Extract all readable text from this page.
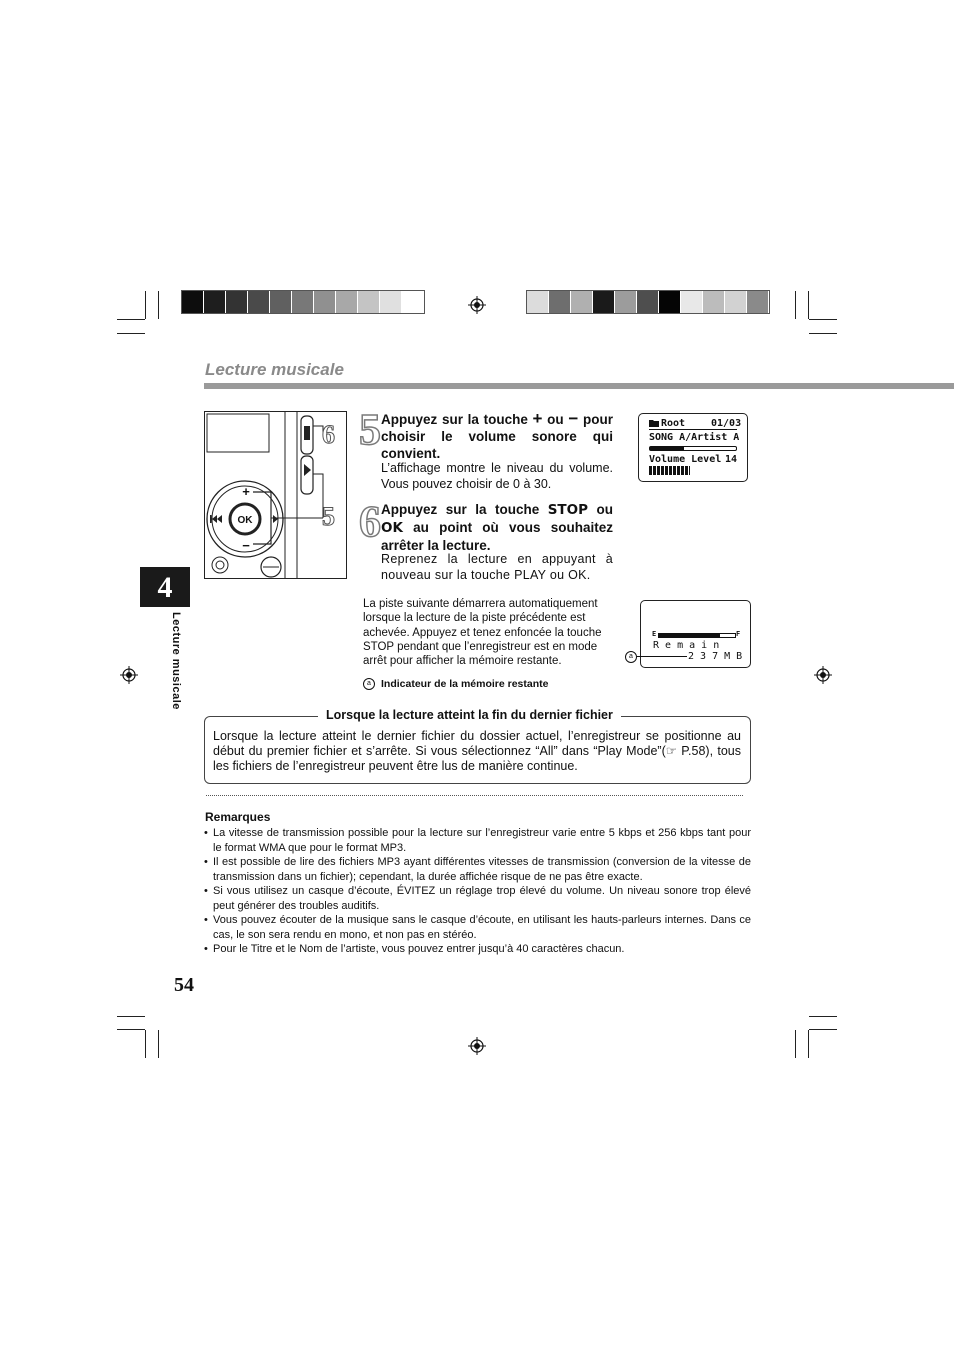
Lecture musicale
4
Lecture musicale
OK
+
−
6
5
5 Appuyez sur la touche + ou − pour choisir le volume sonore qui convient.
L’affichage montre le niveau du volume. Vous pouvez choisir de 0 à 30.
6 Appuyez sur la touche STOP ou OK au point où vous souhaitez arrêter la lecture.
Reprenez la lecture en appuyant à nouveau sur la touche PLAY ou OK.
Root	01/03
SONG A/Artist A
Volume Level 14
La piste suivante démarrera automatiquement lorsque la lecture de la piste précédente est achevée. Appuyez et tenez enfoncée la touche STOP pendant que l’enregistreur est en mode arrêt pour afficher la mémoire restante.
E	F
R e m a i n
2 3 7 M B
a
a Indicateur de la mémoire restante
Lorsque la lecture atteint la fin du dernier fichier
Lorsque la lecture atteint le dernier fichier du dossier actuel, l’enregistreur se positionne au début du premier fichier et s’arrête. Si vous sélectionnez “All” dans “Play Mode”(☞ P.58), tous les fichiers de l’enregistreur peuvent être lus de manière continue.
Remarques
• La vitesse de transmission possible pour la lecture sur l’enregistreur varie entre 5 kbps et 256 kbps tant pour le format WMA que pour le format MP3.
• Il est possible de lire des fichiers MP3 ayant différentes vitesses de transmission (conversion de la vitesse de transmission dans un fichier); cependant, la durée affichée risque de ne pas être exacte.
• Si vous utilisez un casque d’écoute, ÉVITEZ un réglage trop élevé du volume. Un niveau sonore trop élevé peut générer des troubles auditifs.
• Vous pouvez écouter de la musique sans le casque d’écoute, en utilisant les hauts-parleurs internes. Dans ce cas, le son sera rendu en mono, et non pas en stéréo.
• Pour le Titre et le Nom de l’artiste, vous pouvez entrer jusqu’à 40 caractères chacun.
54
